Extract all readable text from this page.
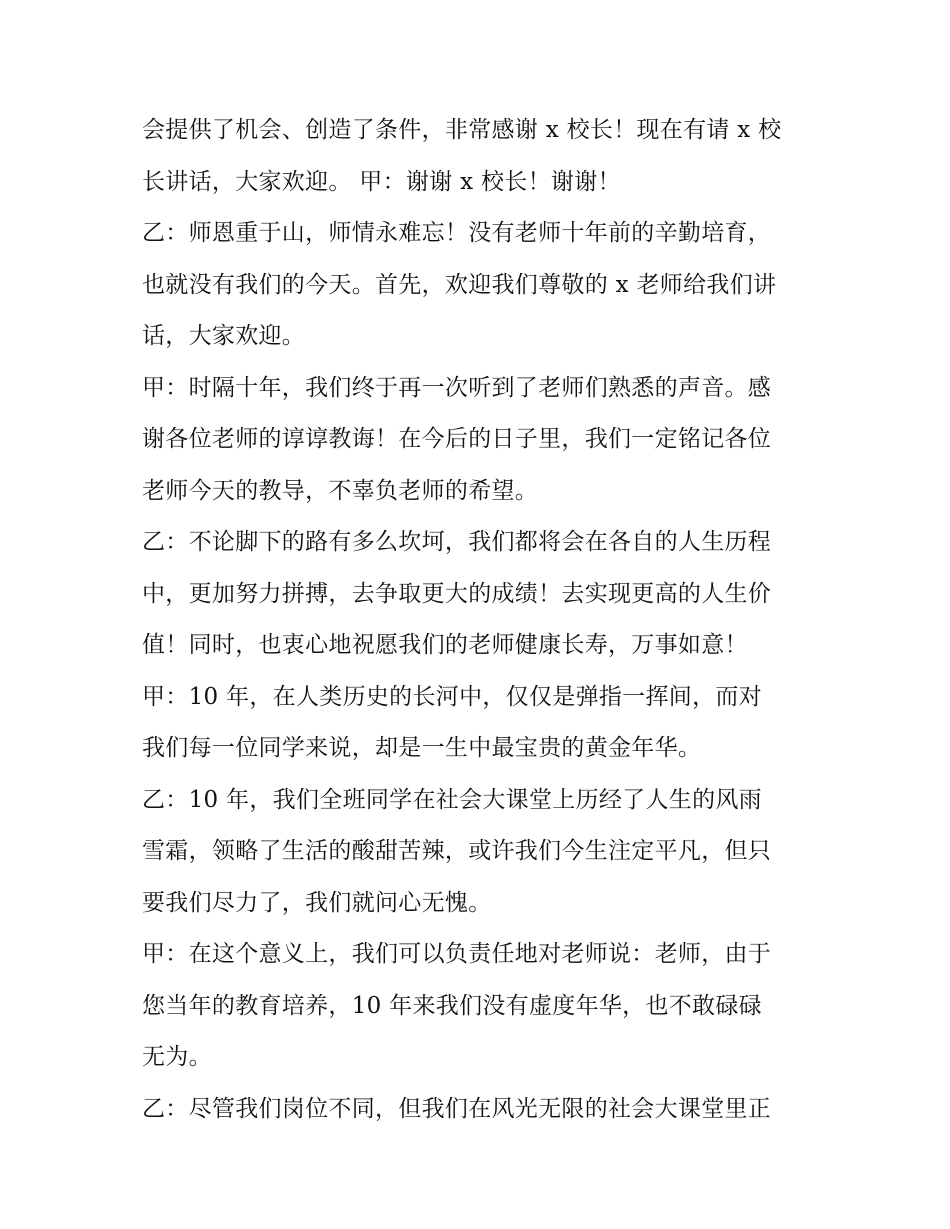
会提供了机会、创造了条件，非常感谢 x 校长！现在有请 x 校
长讲话，大家欢迎。 甲：谢谢 x 校长！谢谢！
乙：师恩重于山，师情永难忘！没有老师十年前的辛勤培育，
也就没有我们的今天。首先，欢迎我们尊敬的 x 老师给我们讲
话，大家欢迎。
甲：时隔十年，我们终于再一次听到了老师们熟悉的声音。感
谢各位老师的谆谆教诲！在今后的日子里，我们一定铭记各位
老师今天的教导，不辜负老师的希望。
乙：不论脚下的路有多么坎坷，我们都将会在各自的人生历程
中，更加努力拼搏，去争取更大的成绩！去实现更高的人生价
值！同时，也衷心地祝愿我们的老师健康长寿，万事如意！
甲：10 年，在人类历史的长河中，仅仅是弹指一挥间，而对
我们每一位同学来说，却是一生中最宝贵的黄金年华。
乙：10 年，我们全班同学在社会大课堂上历经了人生的风雨
雪霜，领略了生活的酸甜苦辣，或许我们今生注定平凡，但只
要我们尽力了，我们就问心无愧。
甲：在这个意义上，我们可以负责任地对老师说：老师，由于
您当年的教育培养，10 年来我们没有虚度年华，也不敢碌碌
无为。
乙：尽管我们岗位不同，但我们在风光无限的社会大课堂里正
